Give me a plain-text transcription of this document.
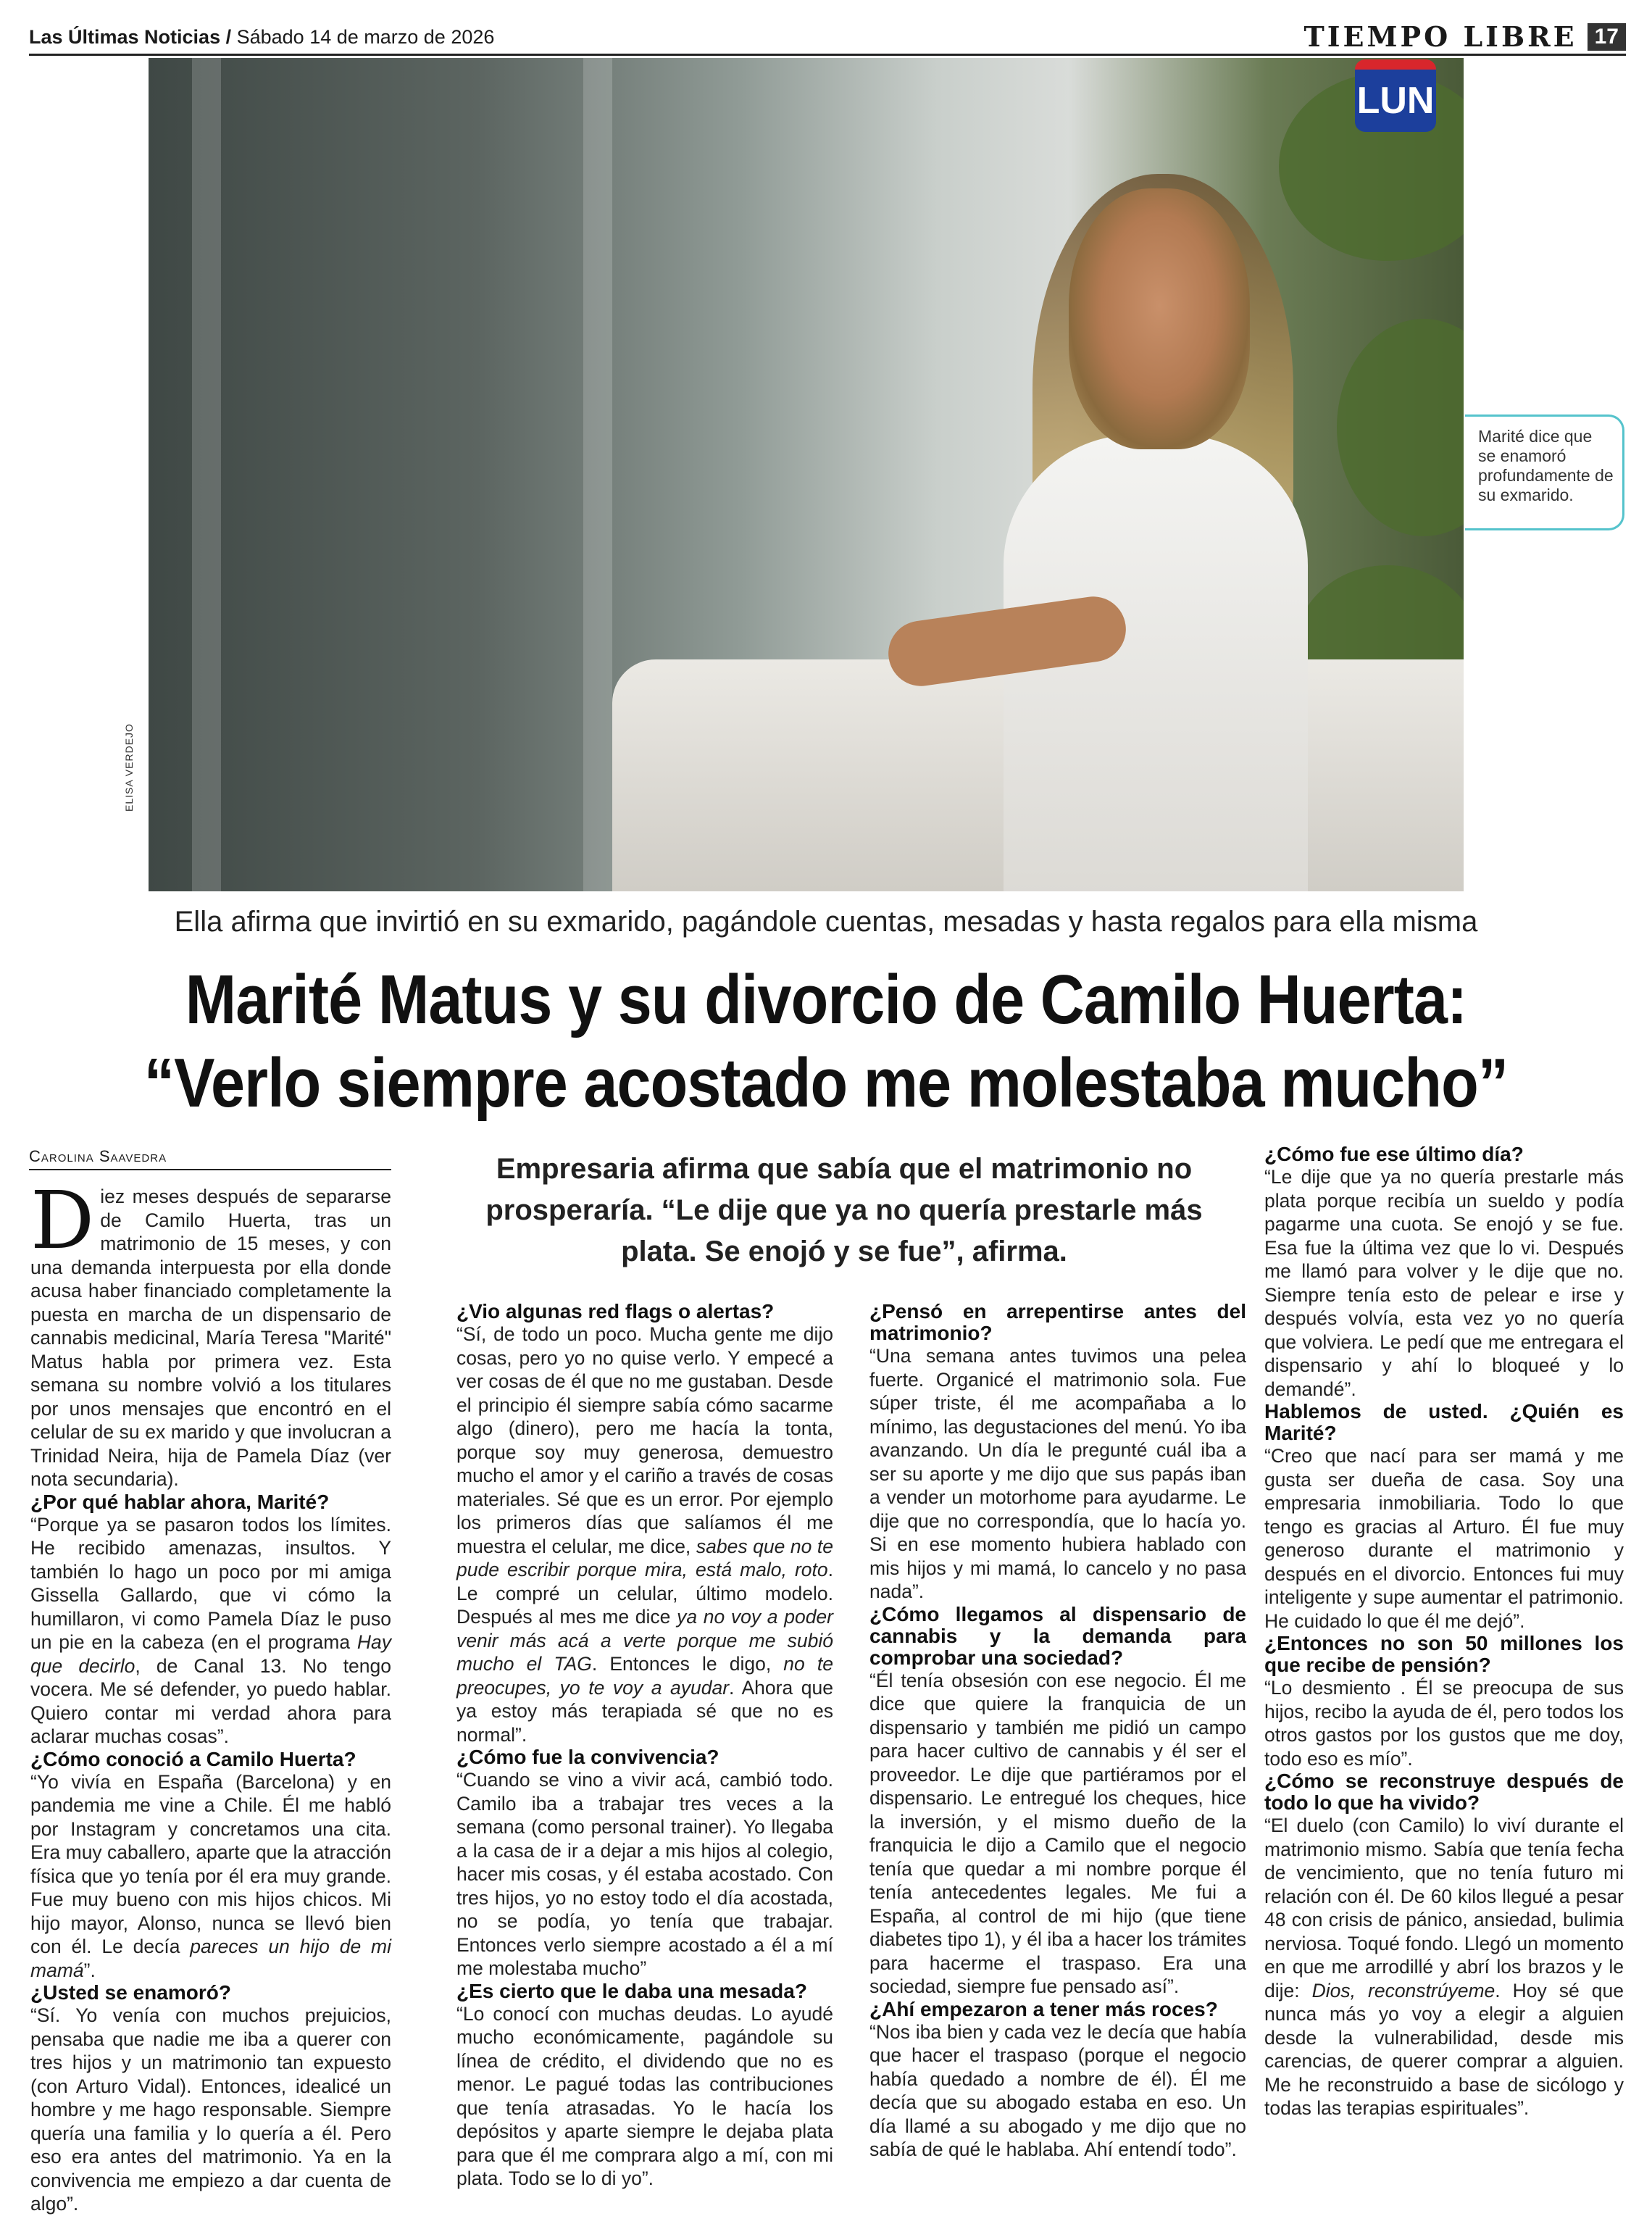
Las Últimas Noticias / Sábado 14 de marzo de 2026	TIEMPO LIBRE 17
LUN
ELISA VERDEJO
Marité dice que se enamoró profundamente de su exmarido.
Ella afirma que invirtió en su exmarido, pagándole cuentas, mesadas y hasta regalos para ella misma
Marité Matus y su divorcio de Camilo Huerta:
“Verlo siempre acostado me molestaba mucho”
Carolina Saavedra	Empresaria afirma que sabía que el matrimonio no prosperaría. “Le dije que ya no quería prestarle más plata. Se enojó y se fue”, afirma.

Diez meses después de separarse de Camilo Huerta, tras un matrimonio de 15 meses, y con una demanda interpuesta por ella donde acusa haber financiado completamente la puesta en marcha de un dispensario de cannabis medicinal, María Teresa "Marité" Matus habla por primera vez. Esta semana su nombre volvió a los titulares por unos mensajes que encontró en el celular de su ex marido y que involucran a Trinidad Neira, hija de Pamela Díaz (ver nota secundaria).

¿Por qué hablar ahora, Marité?

“Porque ya se pasaron todos los límites. He recibido amenazas, insultos. Y también lo hago un poco por mi amiga Gissella Gallardo, que vi cómo la humillaron, vi como Pamela Díaz le puso un pie en la cabeza (en el programa Hay que decirlo, de Canal 13. No tengo vocera. Me sé defender, yo puedo hablar. Quiero contar mi verdad ahora para aclarar muchas cosas”.

¿Cómo conoció a Camilo Huerta?

“Yo vivía en España (Barcelona) y en pandemia me vine a Chile. Él me habló por Instagram y concretamos una cita. Era muy caballero, aparte que la atracción física que yo tenía por él era muy grande. Fue muy bueno con mis hijos chicos. Mi hijo mayor, Alonso, nunca se llevó bien con él. Le decía pareces un hijo de mi mamá”.

¿Usted se enamoró?

“Sí. Yo venía con muchos prejuicios, pensaba que nadie me iba a querer con tres hijos y un matrimonio tan expuesto (con Arturo Vidal). Entonces, idealicé un hombre y me hago responsable. Siempre quería una familia y lo quería a él. Pero eso era antes del matrimonio. Ya en la convivencia me empiezo a dar cuenta de algo”.

¿Vio algunas red flags o alertas?

“Sí, de todo un poco. Mucha gente me dijo cosas, pero yo no quise verlo. Y empecé a ver cosas de él que no me gustaban. Desde el principio él siempre sabía cómo sacarme algo (dinero), pero me hacía la tonta, porque soy muy generosa, demuestro mucho el amor y el cariño a través de cosas materiales. Sé que es un error. Por ejemplo los primeros días que salíamos él me muestra el celular, me dice, sabes que no te pude escribir porque mira, está malo, roto. Le compré un celular, último modelo. Después al mes me dice ya no voy a poder venir más acá a verte porque me subió mucho el TAG. Entonces le digo, no te preocupes, yo te voy a ayudar. Ahora que ya estoy más terapiada sé que no es normal”.

¿Cómo fue la convivencia?

“Cuando se vino a vivir acá, cambió todo. Camilo iba a trabajar tres veces a la semana (como personal trainer). Yo llegaba a la casa de ir a dejar a mis hijos al colegio, hacer mis cosas, y él estaba acostado. Con tres hijos, yo no estoy todo el día acostada, no se podía, yo tenía que trabajar. Entonces verlo siempre acostado a él a mí me molestaba mucho”

¿Es cierto que le daba una mesada?

“Lo conocí con muchas deudas. Lo ayudé mucho económicamente, pagándole su línea de crédito, el dividendo que no es menor. Le pagué todas las contribuciones que tenía atrasadas. Yo le hacía los depósitos y aparte siempre le dejaba plata para que él me comprara algo a mí, con mi plata. Todo se lo di yo”.

¿Pensó en arrepentirse antes del matrimonio?

“Una semana antes tuvimos una pelea fuerte. Organicé el matrimonio sola. Fue súper triste, él me acompañaba a lo mínimo, las degustaciones del menú. Yo iba avanzando. Un día le pregunté cuál iba a ser su aporte y me dijo que sus papás iban a vender un motorhome para ayudarme. Le dije que no correspondía, que lo hacía yo. Si en ese momento hubiera hablado con mis hijos y mi mamá, lo cancelo y no pasa nada”.

¿Cómo llegamos al dispensario de cannabis y la demanda para comprobar una sociedad?

“Él tenía obsesión con ese negocio. Él me dice que quiere la franquicia de un dispensario y también me pidió un campo para hacer cultivo de cannabis y él ser el proveedor. Le dije que partiéramos por el dispensario. Le entregué los cheques, hice la inversión, y el mismo dueño de la franquicia le dijo a Camilo que el negocio tenía que quedar a mi nombre porque él tenía antecedentes legales. Me fui a España, al control de mi hijo (que tiene diabetes tipo 1), y él iba a hacer los trámites para hacerme el traspaso. Era una sociedad, siempre fue pensado así”.

¿Ahí empezaron a tener más roces?

“Nos iba bien y cada vez le decía que había que hacer el traspaso (porque el negocio había quedado a nombre de él). Él me decía que su abogado estaba en eso. Un día llamé a su abogado y me dijo que no sabía de qué le hablaba. Ahí entendí todo”.

¿Cómo fue ese último día?

“Le dije que ya no quería prestarle más plata porque recibía un sueldo y podía pagarme una cuota. Se enojó y se fue. Esa fue la última vez que lo vi. Después me llamó para volver y le dije que no. Siempre tenía esto de pelear e irse y después volvía, esta vez yo no quería que volviera. Le pedí que me entregara el dispensario y ahí lo bloqueé y lo demandé”.

Hablemos de usted. ¿Quién es Marité?

“Creo que nací para ser mamá y me gusta ser dueña de casa. Soy una empresaria inmobiliaria. Todo lo que tengo es gracias al Arturo. Él fue muy generoso durante el matrimonio y después en el divorcio. Entonces fui muy inteligente y supe aumentar el patrimonio. He cuidado lo que él me dejó”.

¿Entonces no son 50 millones los que recibe de pensión?

“Lo desmiento . Él se preocupa de sus hijos, recibo la ayuda de él, pero todos los otros gastos por los gustos que me doy, todo eso es mío”.

¿Cómo se reconstruye después de todo lo que ha vivido?

“El duelo (con Camilo) lo viví durante el matrimonio mismo. Sabía que tenía fecha de vencimiento, que no tenía futuro mi relación con él. De 60 kilos llegué a pesar 48 con crisis de pánico, ansiedad, bulimia nerviosa. Toqué fondo. Llegó un momento en que me arrodillé y abrí los brazos y le dije: Dios, reconstrúyeme. Hoy sé que nunca más yo voy a elegir a alguien desde la vulnerabilidad, desde mis carencias, de querer comprar a alguien. Me he reconstruido a base de sicólogo y todas las terapias espirituales”.
